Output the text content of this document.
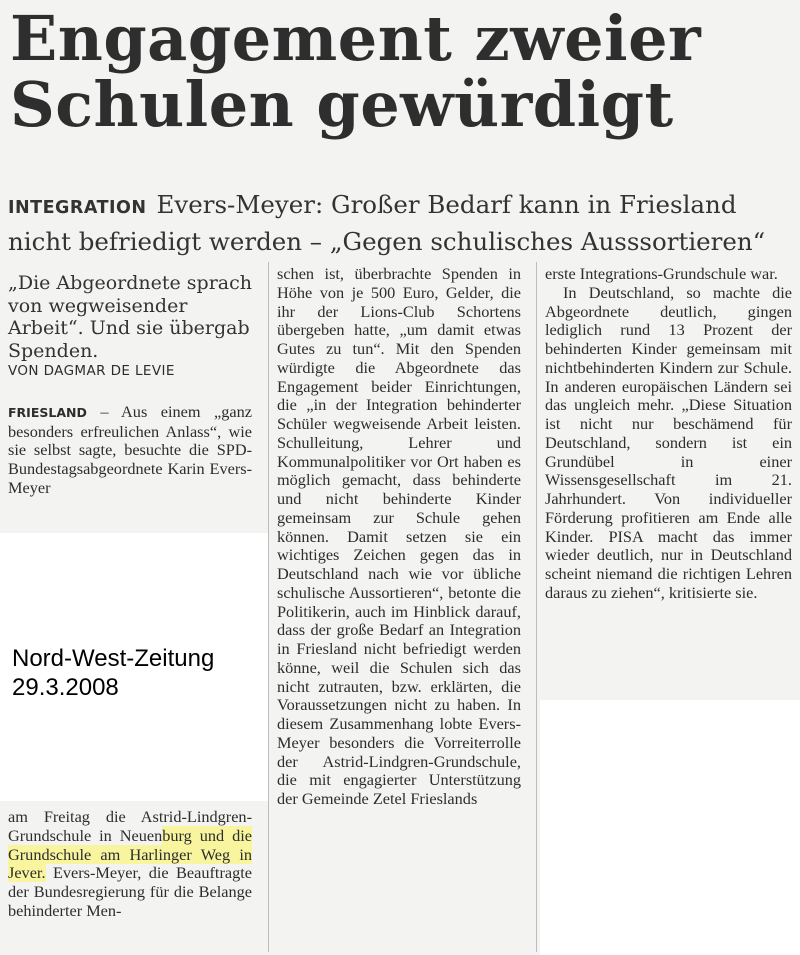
Engagement zweier
Schulen gewürdigt
INTEGRATION Evers-Meyer: Großer Bedarf kann in Friesland nicht befriedigt werden – „Gegen schulisches Ausssortieren“

„Die Abgeordnete sprach von wegweisender Arbeit“. Und sie übergab Spenden.

VON DAGMAR DE LEVIE

FRIESLAND – Aus einem „ganz besonders erfreulichen Anlass“, wie sie selbst sagte, besuchte die SPD-Bundestagsabgeordnete Karin Evers-Meyer

Nord-West-Zeitung
29.3.2008

am Freitag die Astrid-Lindgren-Grundschule in Neuenburg und die Grundschule am Harlinger Weg in Jever. Evers-Meyer, die Beauftragte der Bundesregierung für die Belange behinderter Men-

schen ist, überbrachte Spenden in Höhe von je 500 Euro, Gelder, die ihr der Lions-Club Schortens übergeben hatte, „um damit etwas Gutes zu tun“. Mit den Spenden würdigte die Abgeordnete das Engagement beider Einrichtungen, die „in der Integration behinderter Schüler wegweisende Arbeit leisten. Schulleitung, Lehrer und Kommunalpolitiker vor Ort haben es möglich gemacht, dass behinderte und nicht behinderte Kinder gemeinsam zur Schule gehen können. Damit setzen sie ein wichtiges Zeichen gegen das in Deutschland nach wie vor übliche schulische Aussortieren“, betonte die Politikerin, auch im Hinblick darauf, dass der große Bedarf an Integration in Friesland nicht befriedigt werden könne, weil die Schulen sich das nicht zutrauten, bzw. erklärten, die Voraussetzungen nicht zu haben. In diesem Zusammenhang lobte Evers-Meyer besonders die Vorreiterrolle der Astrid-Lindgren-Grundschule, die mit engagierter Unterstützung der Gemeinde Zetel Frieslands

erste Integrations-Grundschule war.

In Deutschland, so machte die Abgeordnete deutlich, gingen lediglich rund 13 Prozent der behinderten Kinder gemeinsam mit nichtbehinderten Kindern zur Schule. In anderen europäischen Ländern sei das ungleich mehr. „Diese Situation ist nicht nur beschämend für Deutschland, sondern ist ein Grundübel in einer Wissensgesellschaft im 21. Jahrhundert. Von individueller Förderung profitieren am Ende alle Kinder. PISA macht das immer wieder deutlich, nur in Deutschland scheint niemand die richtigen Lehren daraus zu ziehen“, kritisierte sie.
